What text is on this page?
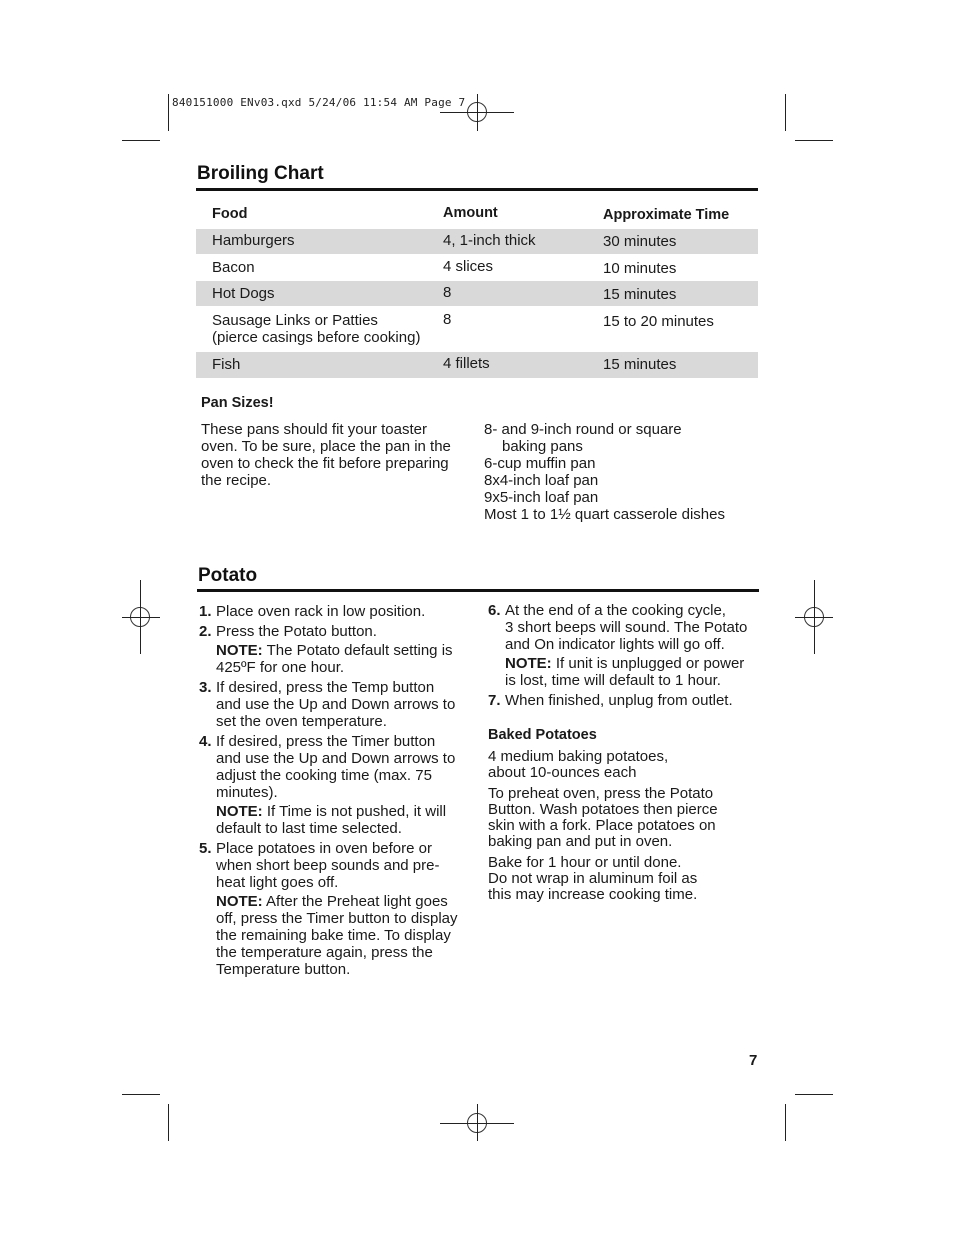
840151000 ENv03.qxd 5/24/06 11:54 AM Page 7
Broiling Chart
Food	Amount	Approximate Time
Hamburgers	4, 1-inch thick	30 minutes
Bacon	4 slices	10 minutes
Hot Dogs	8	15 minutes
Sausage Links or Patties
(pierce casings before cooking)
8	15 to 20 minutes
Fish	4 fillets	15 minutes
Pan Sizes!
These pans should fit your toaster
oven. To be sure, place the pan in the
oven to check the fit before preparing
the recipe.
8- and 9-inch round or square
baking pans
6-cup muffin pan
8x4-inch loaf pan
9x5-inch loaf pan
Most 1 to 1½ quart casserole dishes
Potato
1. Place oven rack in low position.
2. Press the Potato button.
NOTE: The Potato default setting is
425ºF for one hour.
3. If desired, press the Temp button
and use the Up and Down arrows to
set the oven temperature.
4. If desired, press the Timer button
and use the Up and Down arrows to
adjust the cooking time (max. 75
minutes).
NOTE: If Time is not pushed, it will
default to last time selected.
5. Place potatoes in oven before or
when short beep sounds and pre-
heat light goes off.
NOTE: After the Preheat light goes
off, press the Timer button to display
the remaining bake time. To display
the temperature again, press the
Temperature button.
6. At the end of a the cooking cycle,
3 short beeps will sound. The Potato
and On indicator lights will go off.
NOTE: If unit is unplugged or power
is lost, time will default to 1 hour.
7. When finished, unplug from outlet.
Baked Potatoes
4 medium baking potatoes,
about 10-ounces each
To preheat oven, press the Potato
Button. Wash potatoes then pierce
skin with a fork. Place potatoes on
baking pan and put in oven.
Bake for 1 hour or until done.
Do not wrap in aluminum foil as
this may increase cooking time.
7
